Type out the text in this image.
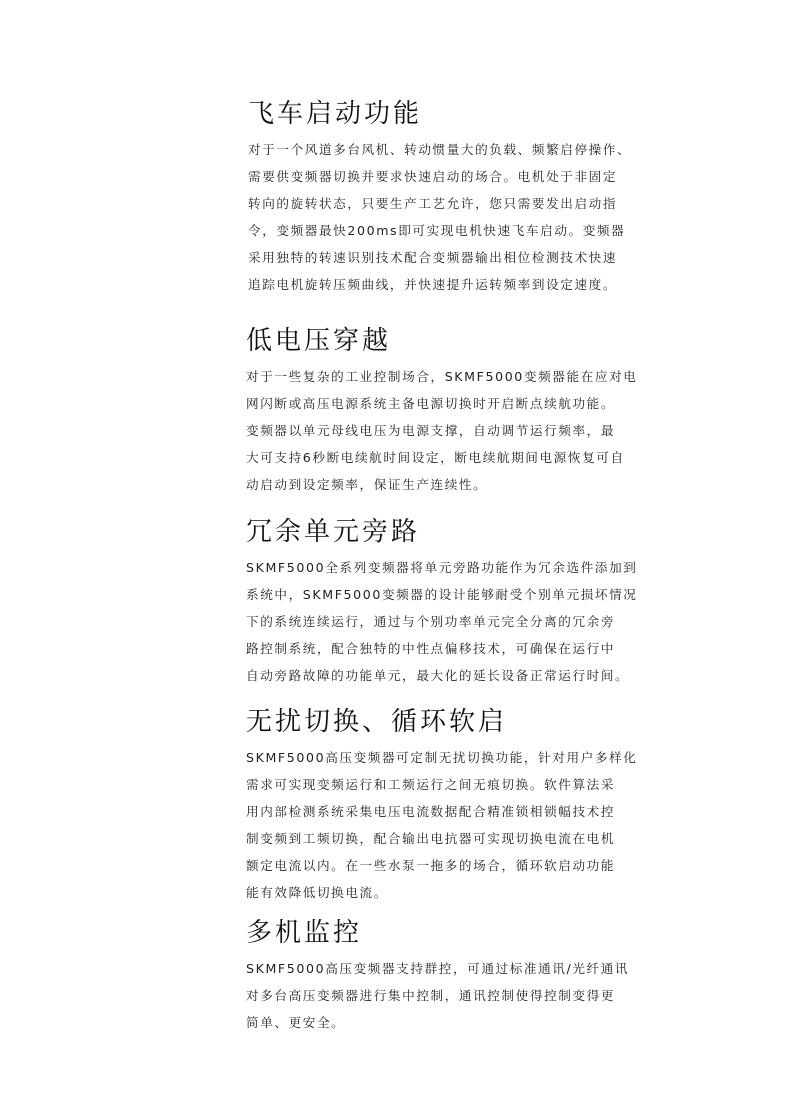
飞车启动功能
对于一个风道多台风机、转动惯量大的负载、频繁启停操作、
需要供变频器切换并要求快速启动的场合。电机处于非固定
转向的旋转状态，只要生产工艺允许，您只需要发出启动指
令，变频器最快200ms即可实现电机快速飞车启动。变频器
采用独特的转速识别技术配合变频器输出相位检测技术快速
追踪电机旋转压频曲线，并快速提升运转频率到设定速度。
低电压穿越
对于一些复杂的工业控制场合，SKMF5000变频器能在应对电
网闪断或高压电源系统主备电源切换时开启断点续航功能。
变频器以单元母线电压为电源支撑，自动调节运行频率，最
大可支持6秒断电续航时间设定，断电续航期间电源恢复可自
动启动到设定频率，保证生产连续性。
冗余单元旁路
SKMF5000全系列变频器将单元旁路功能作为冗余选件添加到
系统中，SKMF5000变频器的设计能够耐受个别单元损坏情况
下的系统连续运行，通过与个别功率单元完全分离的冗余旁
路控制系统，配合独特的中性点偏移技术，可确保在运行中
自动旁路故障的功能单元，最大化的延长设备正常运行时间。
无扰切换、循环软启
SKMF5000高压变频器可定制无扰切换功能，针对用户多样化
需求可实现变频运行和工频运行之间无痕切换。软件算法采
用内部检测系统采集电压电流数据配合精准锁相锁幅技术控
制变频到工频切换，配合输出电抗器可实现切换电流在电机
额定电流以内。在一些水泵一拖多的场合，循环软启动功能
能有效降低切换电流。
多机监控
SKMF5000高压变频器支持群控，可通过标准通讯/光纤通讯
对多台高压变频器进行集中控制，通讯控制使得控制变得更
简单、更安全。
